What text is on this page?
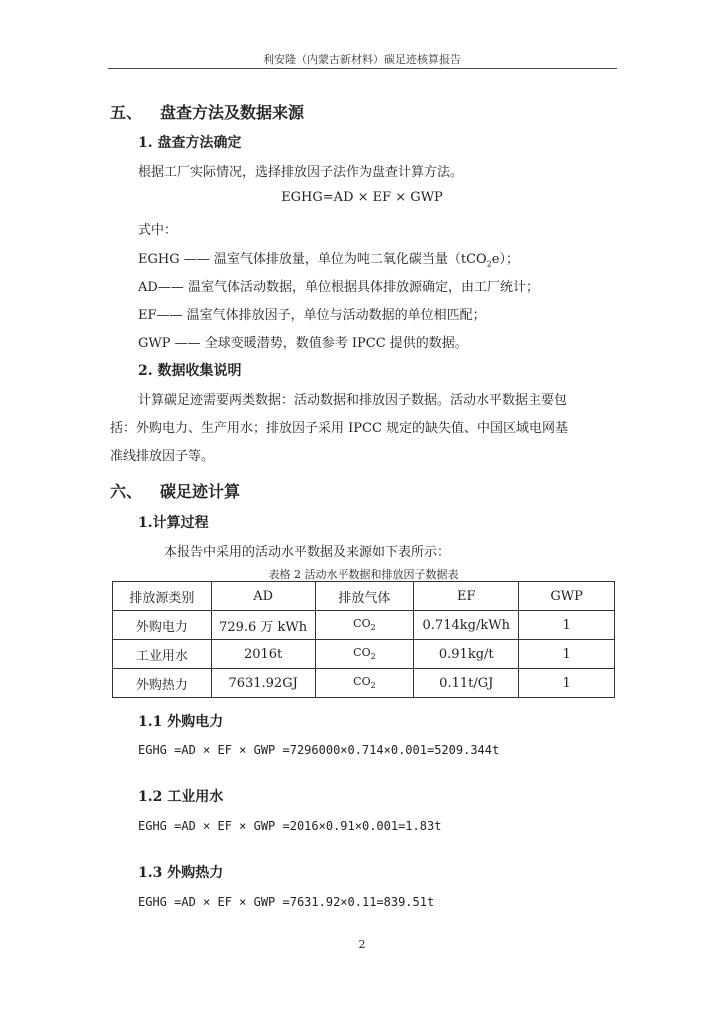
利安隆（内蒙古新材料）碳足迹核算报告
五、 盘查方法及数据来源
1. 盘查方法确定
根据工厂实际情况，选择排放因子法作为盘查计算方法。
EGHG=AD × EF × GWP
式中：
EGHG —— 温室气体排放量，单位为吨二氧化碳当量（tCO$_2$e）；
AD—— 温室气体活动数据，单位根据具体排放源确定，由工厂统计；
EF—— 温室气体排放因子，单位与活动数据的单位相匹配；
GWP —— 全球变暖潜势，数值参考 IPCC 提供的数据。
2. 数据收集说明
计算碳足迹需要两类数据：活动数据和排放因子数据。活动水平数据主要包
括：外购电力、生产用水；排放因子采用 IPCC 规定的缺失值、中国区域电网基
准线排放因子等。
六、 碳足迹计算
1.计算过程
本报告中采用的活动水平数据及来源如下表所示：
表格 2 活动水平数据和排放因子数据表
排放源类别	AD	排放气体	EF	GWP
外购电力	729.6 万 kWh	$CO_2$	0.714kg/kWh	1
工业用水	2016t	$CO_2$	0.91kg/t	1
外购热力	7631.92GJ	$CO_2$	0.11t/GJ	1
1.1 外购电力
EGHG =AD × EF × GWP =7296000×0.714×0.001=5209.344t
1.2 工业用水
EGHG =AD × EF × GWP =2016×0.91×0.001=1.83t
1.3 外购热力
EGHG =AD × EF × GWP =7631.92×0.11=839.51t
2
